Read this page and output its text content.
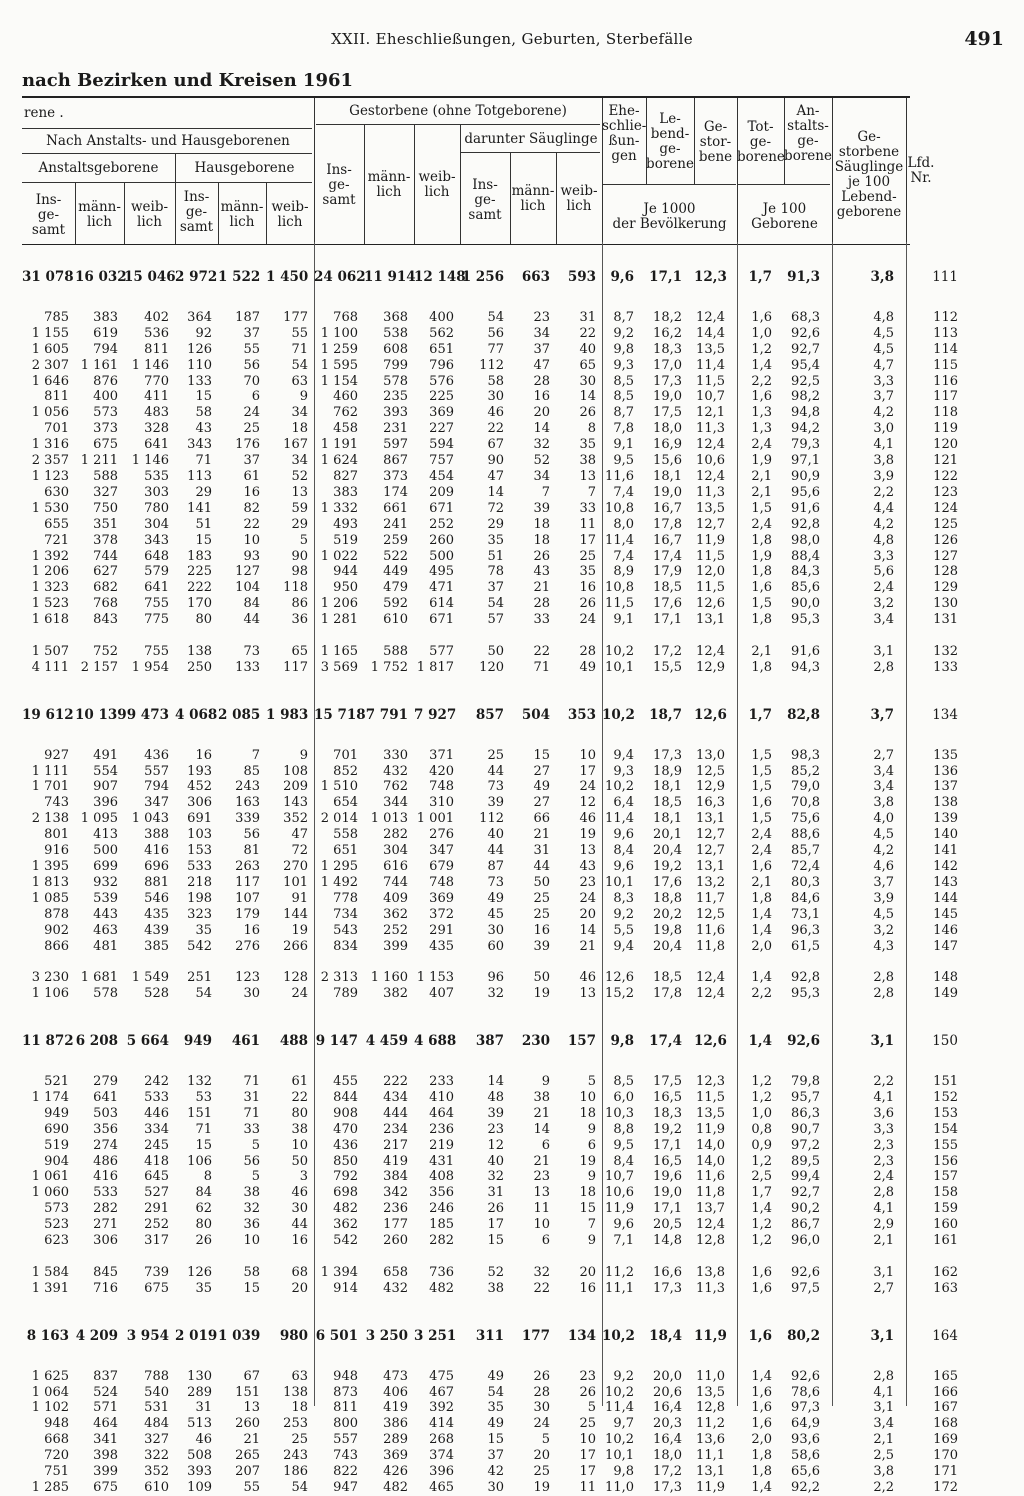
XXII. Eheschließungen, Geburten, Sterbefälle	491
nach Bezirken und Kreisen 1961
rene .
Nach Anstalts- und Hausgeborenen
Anstaltsgeborene	Hausgeborene
Ins-
ge-
samt
männ-
lich
weib-
lich
Ins-
ge-
samt
männ-
lich
weib-
lich
Gestorbene (ohne Totgeborene)
darunter Säuglinge
Ins-
ge-
samt
männ-
lich
weib-
lich	Ins-
ge-
samt
männ-
lich
weib-
lich
Ehe-
schlie-
ßun-
gen
Le-
bend-
ge-
borene
Ge-
stor-
bene
Je 1000
der Bevölkerung
Tot-
ge-
borene
An-
stalts-
ge-
borene
Je 100
Geborene
Ge-
storbene
Säuglinge
je 100
Lebend-
geborene
Lfd.
Nr.
31 078	16 032	15 046	2 972	1 522	1 450	24 062	11 914	12 148	1 256	663	593	9,6	17,1	12,3	1,7	91,3	3,8	111

785	383	402	364	187	177	768	368	400	54	23	31	8,7	18,2	12,4	1,6	68,3	4,8	112
1 155	619	536	92	37	55	1 100	538	562	56	34	22	9,2	16,2	14,4	1,0	92,6	4,5	113
1 605	794	811	126	55	71	1 259	608	651	77	37	40	9,8	18,3	13,5	1,2	92,7	4,5	114
2 307	1 161	1 146	110	56	54	1 595	799	796	112	47	65	9,3	17,0	11,4	1,4	95,4	4,7	115
1 646	876	770	133	70	63	1 154	578	576	58	28	30	8,5	17,3	11,5	2,2	92,5	3,3	116
811	400	411	15	6	9	460	235	225	30	16	14	8,5	19,0	10,7	1,6	98,2	3,7	117
1 056	573	483	58	24	34	762	393	369	46	20	26	8,7	17,5	12,1	1,3	94,8	4,2	118
701	373	328	43	25	18	458	231	227	22	14	8	7,8	18,0	11,3	1,3	94,2	3,0	119
1 316	675	641	343	176	167	1 191	597	594	67	32	35	9,1	16,9	12,4	2,4	79,3	4,1	120
2 357	1 211	1 146	71	37	34	1 624	867	757	90	52	38	9,5	15,6	10,6	1,9	97,1	3,8	121
1 123	588	535	113	61	52	827	373	454	47	34	13	11,6	18,1	12,4	2,1	90,9	3,9	122
630	327	303	29	16	13	383	174	209	14	7	7	7,4	19,0	11,3	2,1	95,6	2,2	123
1 530	750	780	141	82	59	1 332	661	671	72	39	33	10,8	16,7	13,5	1,5	91,6	4,4	124
655	351	304	51	22	29	493	241	252	29	18	11	8,0	17,8	12,7	2,4	92,8	4,2	125
721	378	343	15	10	5	519	259	260	35	18	17	11,4	16,7	11,9	1,8	98,0	4,8	126
1 392	744	648	183	93	90	1 022	522	500	51	26	25	7,4	17,4	11,5	1,9	88,4	3,3	127
1 206	627	579	225	127	98	944	449	495	78	43	35	8,9	17,9	12,0	1,8	84,3	5,6	128
1 323	682	641	222	104	118	950	479	471	37	21	16	10,8	18,5	11,5	1,6	85,6	2,4	129
1 523	768	755	170	84	86	1 206	592	614	54	28	26	11,5	17,6	12,6	1,5	90,0	3,2	130
1 618	843	775	80	44	36	1 281	610	671	57	33	24	9,1	17,1	13,1	1,8	95,3	3,4	131

1 507	752	755	138	73	65	1 165	588	577	50	22	28	10,2	17,2	12,4	2,1	91,6	3,1	132
4 111	2 157	1 954	250	133	117	3 569	1 752	1 817	120	71	49	10,1	15,5	12,9	1,8	94,3	2,8	133

19 612	10 139	9 473	4 068	2 085	1 983	15 718	7 791	7 927	857	504	353	10,2	18,7	12,6	1,7	82,8	3,7	134

927	491	436	16	7	9	701	330	371	25	15	10	9,4	17,3	13,0	1,5	98,3	2,7	135
1 111	554	557	193	85	108	852	432	420	44	27	17	9,3	18,9	12,5	1,5	85,2	3,4	136
1 701	907	794	452	243	209	1 510	762	748	73	49	24	10,2	18,1	12,9	1,5	79,0	3,4	137
743	396	347	306	163	143	654	344	310	39	27	12	6,4	18,5	16,3	1,6	70,8	3,8	138
2 138	1 095	1 043	691	339	352	2 014	1 013	1 001	112	66	46	11,4	18,1	13,1	1,5	75,6	4,0	139
801	413	388	103	56	47	558	282	276	40	21	19	9,6	20,1	12,7	2,4	88,6	4,5	140
916	500	416	153	81	72	651	304	347	44	31	13	8,4	20,4	12,7	2,4	85,7	4,2	141
1 395	699	696	533	263	270	1 295	616	679	87	44	43	9,6	19,2	13,1	1,6	72,4	4,6	142
1 813	932	881	218	117	101	1 492	744	748	73	50	23	10,1	17,6	13,2	2,1	80,3	3,7	143
1 085	539	546	198	107	91	778	409	369	49	25	24	8,3	18,8	11,7	1,8	84,6	3,9	144
878	443	435	323	179	144	734	362	372	45	25	20	9,2	20,2	12,5	1,4	73,1	4,5	145
902	463	439	35	16	19	543	252	291	30	16	14	5,5	19,8	11,6	1,4	96,3	3,2	146
866	481	385	542	276	266	834	399	435	60	39	21	9,4	20,4	11,8	2,0	61,5	4,3	147

3 230	1 681	1 549	251	123	128	2 313	1 160	1 153	96	50	46	12,6	18,5	12,4	1,4	92,8	2,8	148
1 106	578	528	54	30	24	789	382	407	32	19	13	15,2	17,8	12,4	2,2	95,3	2,8	149

11 872	6 208	5 664	949	461	488	9 147	4 459	4 688	387	230	157	9,8	17,4	12,6	1,4	92,6	3,1	150

521	279	242	132	71	61	455	222	233	14	9	5	8,5	17,5	12,3	1,2	79,8	2,2	151
1 174	641	533	53	31	22	844	434	410	48	38	10	6,0	16,5	11,5	1,2	95,7	4,1	152
949	503	446	151	71	80	908	444	464	39	21	18	10,3	18,3	13,5	1,0	86,3	3,6	153
690	356	334	71	33	38	470	234	236	23	14	9	8,8	19,2	11,9	0,8	90,7	3,3	154
519	274	245	15	5	10	436	217	219	12	6	6	9,5	17,1	14,0	0,9	97,2	2,3	155
904	486	418	106	56	50	850	419	431	40	21	19	8,4	16,5	14,0	1,2	89,5	2,3	156
1 061	416	645	8	5	3	792	384	408	32	23	9	10,7	19,6	11,6	2,5	99,4	2,4	157
1 060	533	527	84	38	46	698	342	356	31	13	18	10,6	19,0	11,8	1,7	92,7	2,8	158
573	282	291	62	32	30	482	236	246	26	11	15	11,9	17,1	13,7	1,4	90,2	4,1	159
523	271	252	80	36	44	362	177	185	17	10	7	9,6	20,5	12,4	1,2	86,7	2,9	160
623	306	317	26	10	16	542	260	282	15	6	9	7,1	14,8	12,8	1,2	96,0	2,1	161

1 584	845	739	126	58	68	1 394	658	736	52	32	20	11,2	16,6	13,8	1,6	92,6	3,1	162
1 391	716	675	35	15	20	914	432	482	38	22	16	11,1	17,3	11,3	1,6	97,5	2,7	163

8 163	4 209	3 954	2 019	1 039	980	6 501	3 250	3 251	311	177	134	10,2	18,4	11,9	1,6	80,2	3,1	164

1 625	837	788	130	67	63	948	473	475	49	26	23	9,2	20,0	11,0	1,4	92,6	2,8	165
1 064	524	540	289	151	138	873	406	467	54	28	26	10,2	20,6	13,5	1,6	78,6	4,1	166
1 102	571	531	31	13	18	811	419	392	35	30	5	11,4	16,4	12,8	1,6	97,3	3,1	167
948	464	484	513	260	253	800	386	414	49	24	25	9,7	20,3	11,2	1,6	64,9	3,4	168
668	341	327	46	21	25	557	289	268	15	5	10	10,2	16,4	13,6	2,0	93,6	2,1	169
720	398	322	508	265	243	743	369	374	37	20	17	10,1	18,0	11,1	1,8	58,6	2,5	170
751	399	352	393	207	186	822	426	396	42	25	17	9,8	17,2	13,1	1,8	65,6	3,8	171
1 285	675	610	109	55	54	947	482	465	30	19	11	11,0	17,3	11,9	1,4	92,2	2,2	172
